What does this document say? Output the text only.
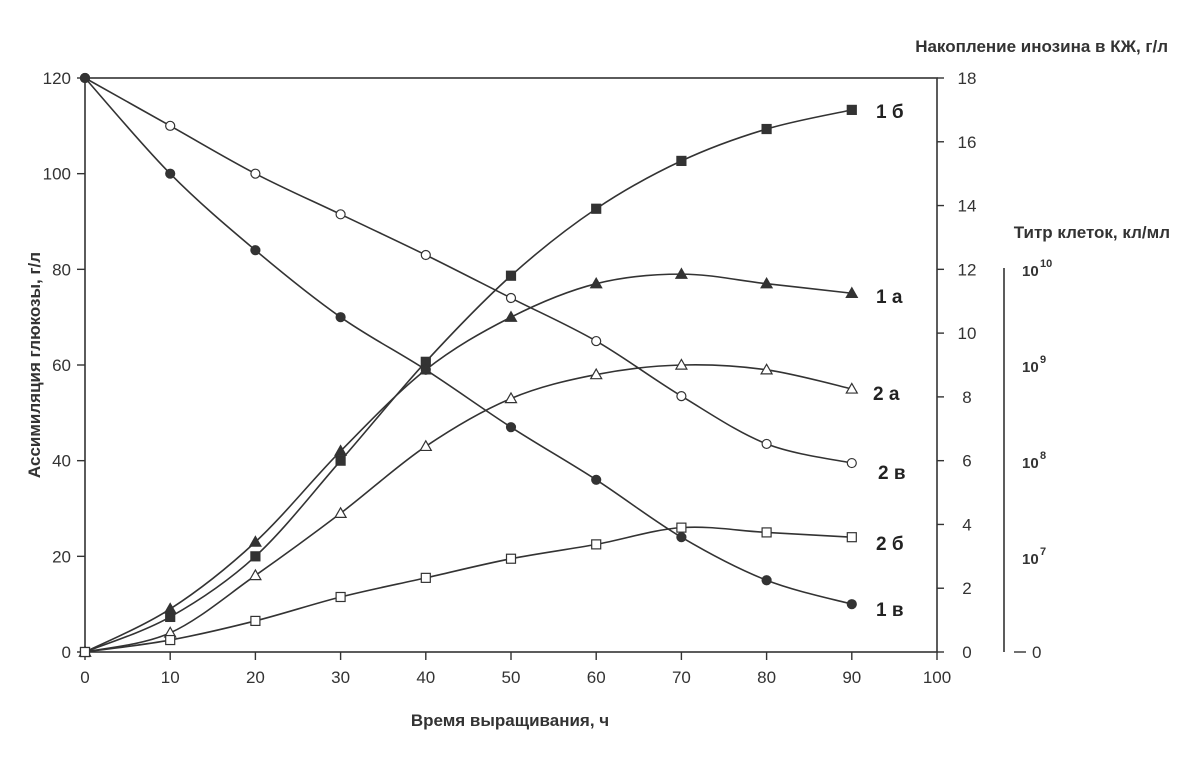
0	10	20	30	40	50	60	70	80	90	100
0
20
40
60
80
100
120
0
2
4
6
8
10
12
14
16
18
0
10 7
10 8
10 9
10 10
1 б
1 а
2 а
2 в
2 б
1 в
Время выращивания, ч
Ассимиляция глюкозы, г/л
Накопление инозина в КЖ, г/л
Титр клеток, кл/мл
